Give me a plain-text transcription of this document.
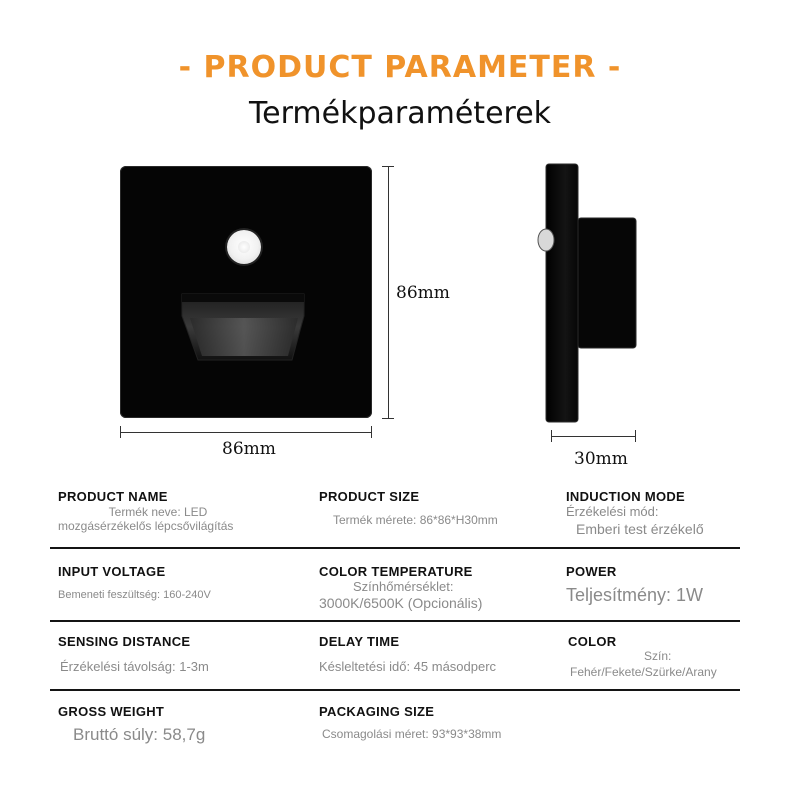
- PRODUCT PARAMETER -
Termékparaméterek
86mm
86mm	30mm
PRODUCT NAME
Termék neve: LED
mozgásérzékelős lépcsővilágítás
PRODUCT SIZE
Termék mérete: 86*86*H30mm
INDUCTION MODE
Érzékelési mód:
Emberi test érzékelő
INPUT VOLTAGE
Bemeneti feszültség: 160-240V
COLOR TEMPERATURE
Színhőmérséklet:
3000K/6500K (Opcionális)
POWER
Teljesítmény: 1W
SENSING DISTANCE
Érzékelési távolság: 1-3m
DELAY TIME
Késleltetési idő: 45 másodperc
COLOR
Szín:
Fehér/Fekete/Szürke/Arany
GROSS WEIGHT
Bruttó súly: 58,7g
PACKAGING SIZE
Csomagolási méret: 93*93*38mm
